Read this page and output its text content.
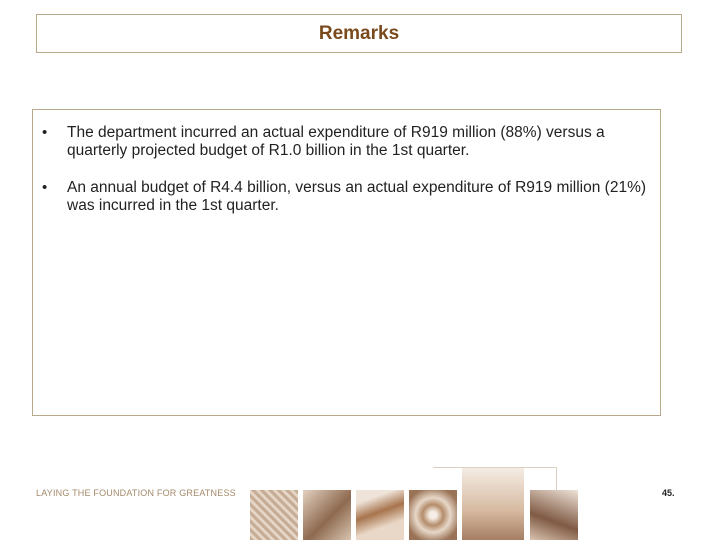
Remarks
• The department incurred an actual expenditure of R919 million (88%) versus a quarterly projected budget of R1.0 billion in the 1st quarter.
• An annual budget of R4.4 billion, versus an actual expenditure of R919 million (21%) was incurred in the 1st quarter.
LAYING THE FOUNDATION FOR GREATNESS	45.
